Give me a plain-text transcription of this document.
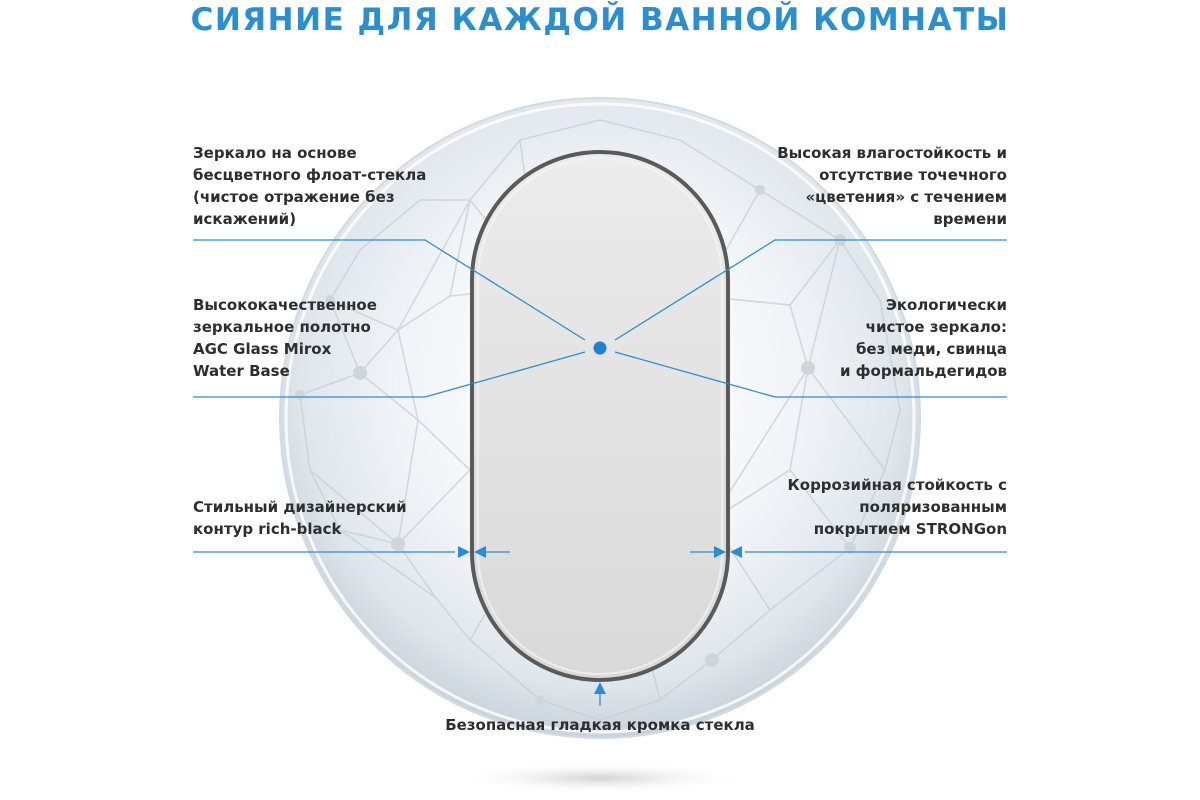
СИЯНИЕ ДЛЯ КАЖДОЙ ВАННОЙ КОМНАТЫ
Зеркало на основе
бесцветного флоат-стекла
(чистое отражение без
искажений)
Высококачественное
зеркальное полотно
AGC Glass Mirox
Water Base
Стильный дизайнерский
контур rich-black
Высокая влагостойкость и
отсутствие точечного
«цветения» с течением
времени
Экологически
чистое зеркало:
без меди, свинца
и формальдегидов
Коррозийная стойкость с
поляризованным
покрытием STRONGon
Безопасная гладкая кромка стекла
